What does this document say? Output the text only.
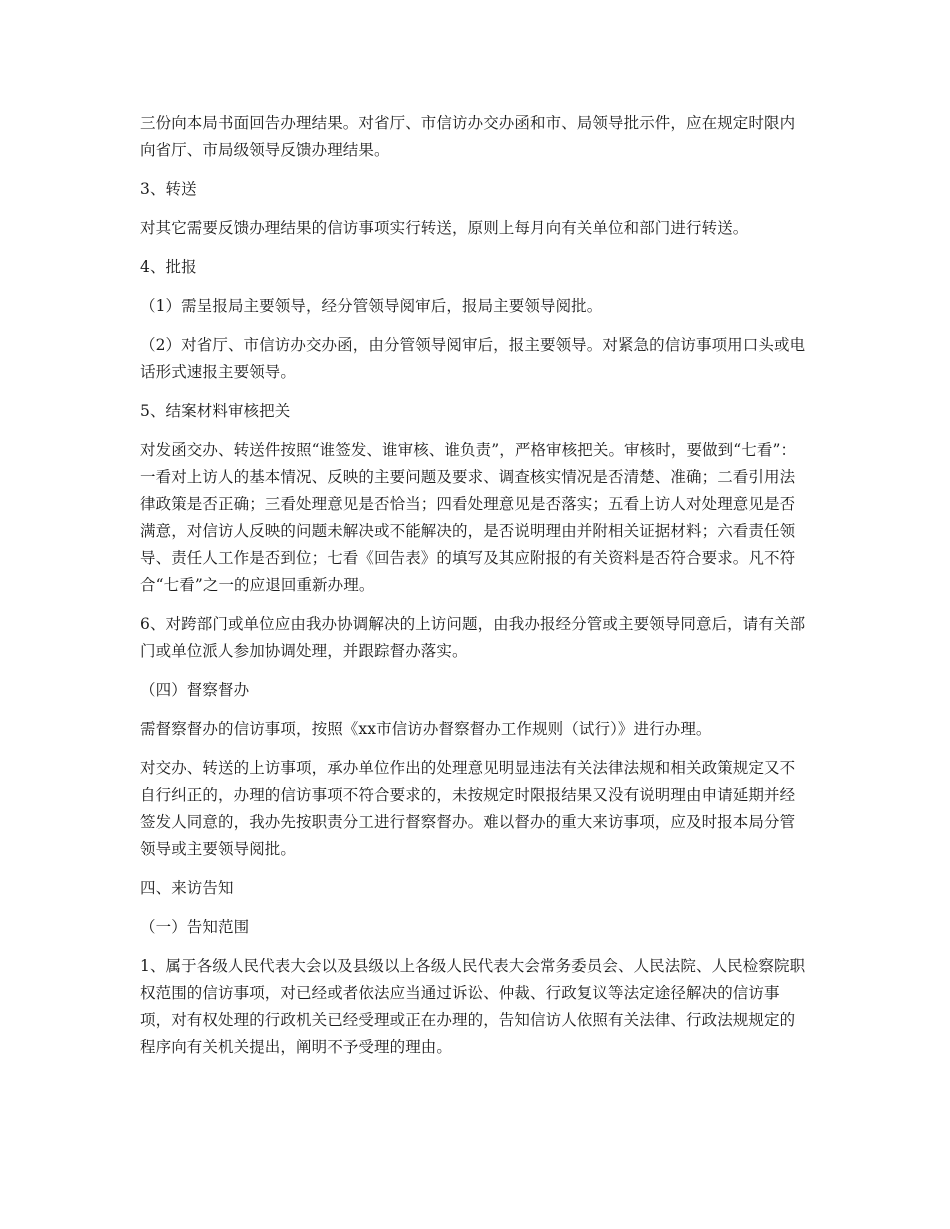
三份向本局书面回告办理结果。对省厅、市信访办交办函和市、局领导批示件，应在规定时限内向省厅、市局级领导反馈办理结果。

3、转送

对其它需要反馈办理结果的信访事项实行转送，原则上每月向有关单位和部门进行转送。

4、批报

（1）需呈报局主要领导，经分管领导阅审后，报局主要领导阅批。

（2）对省厅、市信访办交办函，由分管领导阅审后，报主要领导。对紧急的信访事项用口头或电话形式速报主要领导。

5、结案材料审核把关

对发函交办、转送件按照“谁签发、谁审核、谁负责”，严格审核把关。审核时，要做到“七看”：一看对上访人的基本情况、反映的主要问题及要求、调查核实情况是否清楚、准确；二看引用法律政策是否正确；三看处理意见是否恰当；四看处理意见是否落实；五看上访人对处理意见是否满意，对信访人反映的问题未解决或不能解决的，是否说明理由并附相关证据材料；六看责任领导、责任人工作是否到位；七看《回告表》的填写及其应附报的有关资料是否符合要求。凡不符合“七看”之一的应退回重新办理。

6、对跨部门或单位应由我办协调解决的上访问题，由我办报经分管或主要领导同意后，请有关部门或单位派人参加协调处理，并跟踪督办落实。

（四）督察督办

需督察督办的信访事项，按照《xx市信访办督察督办工作规则（试行）》进行办理。

对交办、转送的上访事项，承办单位作出的处理意见明显违法有关法律法规和相关政策规定又不自行纠正的，办理的信访事项不符合要求的，未按规定时限报结果又没有说明理由申请延期并经签发人同意的，我办先按职责分工进行督察督办。难以督办的重大来访事项，应及时报本局分管领导或主要领导阅批。

四、来访告知

（一）告知范围

1、属于各级人民代表大会以及县级以上各级人民代表大会常务委员会、人民法院、人民检察院职权范围的信访事项，对已经或者依法应当通过诉讼、仲裁、行政复议等法定途径解决的信访事项，对有权处理的行政机关已经受理或正在办理的，告知信访人依照有关法律、行政法规规定的程序向有关机关提出，阐明不予受理的理由。
